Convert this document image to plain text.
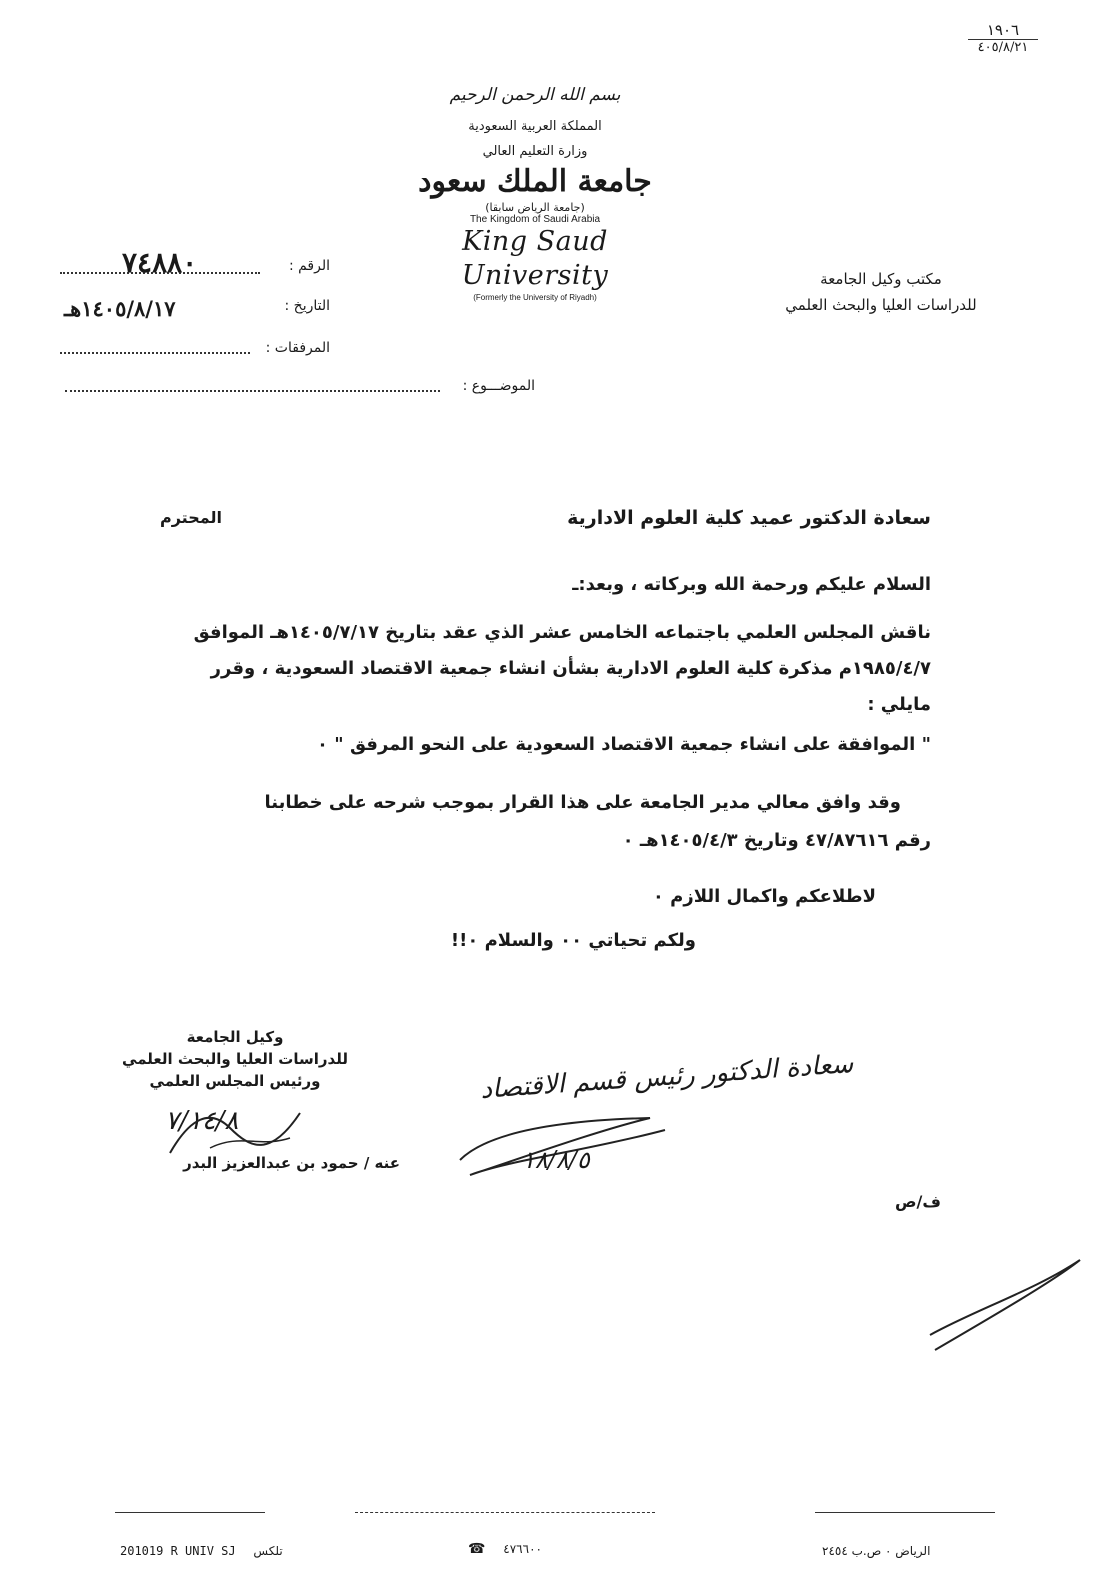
١٩٠٦
٤٠٥/٨/٢١
بسم الله الرحمن الرحيم
المملكة العربية السعودية
وزارة التعليم العالي
جامعة الملك سعود
(جامعة الرياض سابقا)
The Kingdom of Saudi Arabia
King Saud University
(Formerly the University of Riyadh)
مكتب وكيل الجامعة
للدراسات العليا والبحث العلمي
الرقم :
٧٤٨٨٠
التاريخ :
١٤٠٥/٨/١٧هـ
المرفقات :
الموضـــوع :
سعادة الدكتور عميد كلية العلوم الادارية
المحترم
السلام عليكم ورحمة الله وبركاته ، وبعد:ـ
ناقش المجلس العلمي باجتماعه الخامس عشر الذي عقد بتاريخ ١٤٠٥/٧/١٧هـ الموافق
١٩٨٥/٤/٧م مذكرة كلية العلوم الادارية بشأن انشاء جمعية الاقتصاد السعودية ، وقرر
مايلي :
" الموافقة على انشاء جمعية الاقتصاد السعودية على النحو المرفق " ٠
وقد وافق معالي مدير الجامعة على هذا القرار بموجب شرحه على خطابنا
رقم ٤٧/٨٧٦١٦ وتاريخ ١٤٠٥/٤/٣هـ ٠
لاطلاعكم واكمال اللازم ٠
ولكم تحياتي ٠٠ والسلام ٠!!
وكيل الجامعة
للدراسات العليا والبحث العلمي
ورئيس المجلس العلمي
٧/١٤/٨
عنه / حمود بن عبدالعزيز البدر
سعادة الدكتور رئيس قسم الاقتصاد
١٨/٨/٥
ف/ص
201019 R UNIV SJ تلكس	☎ ٤٧٦٦٠٠	الرياض ٠ ص.ب ٢٤٥٤
